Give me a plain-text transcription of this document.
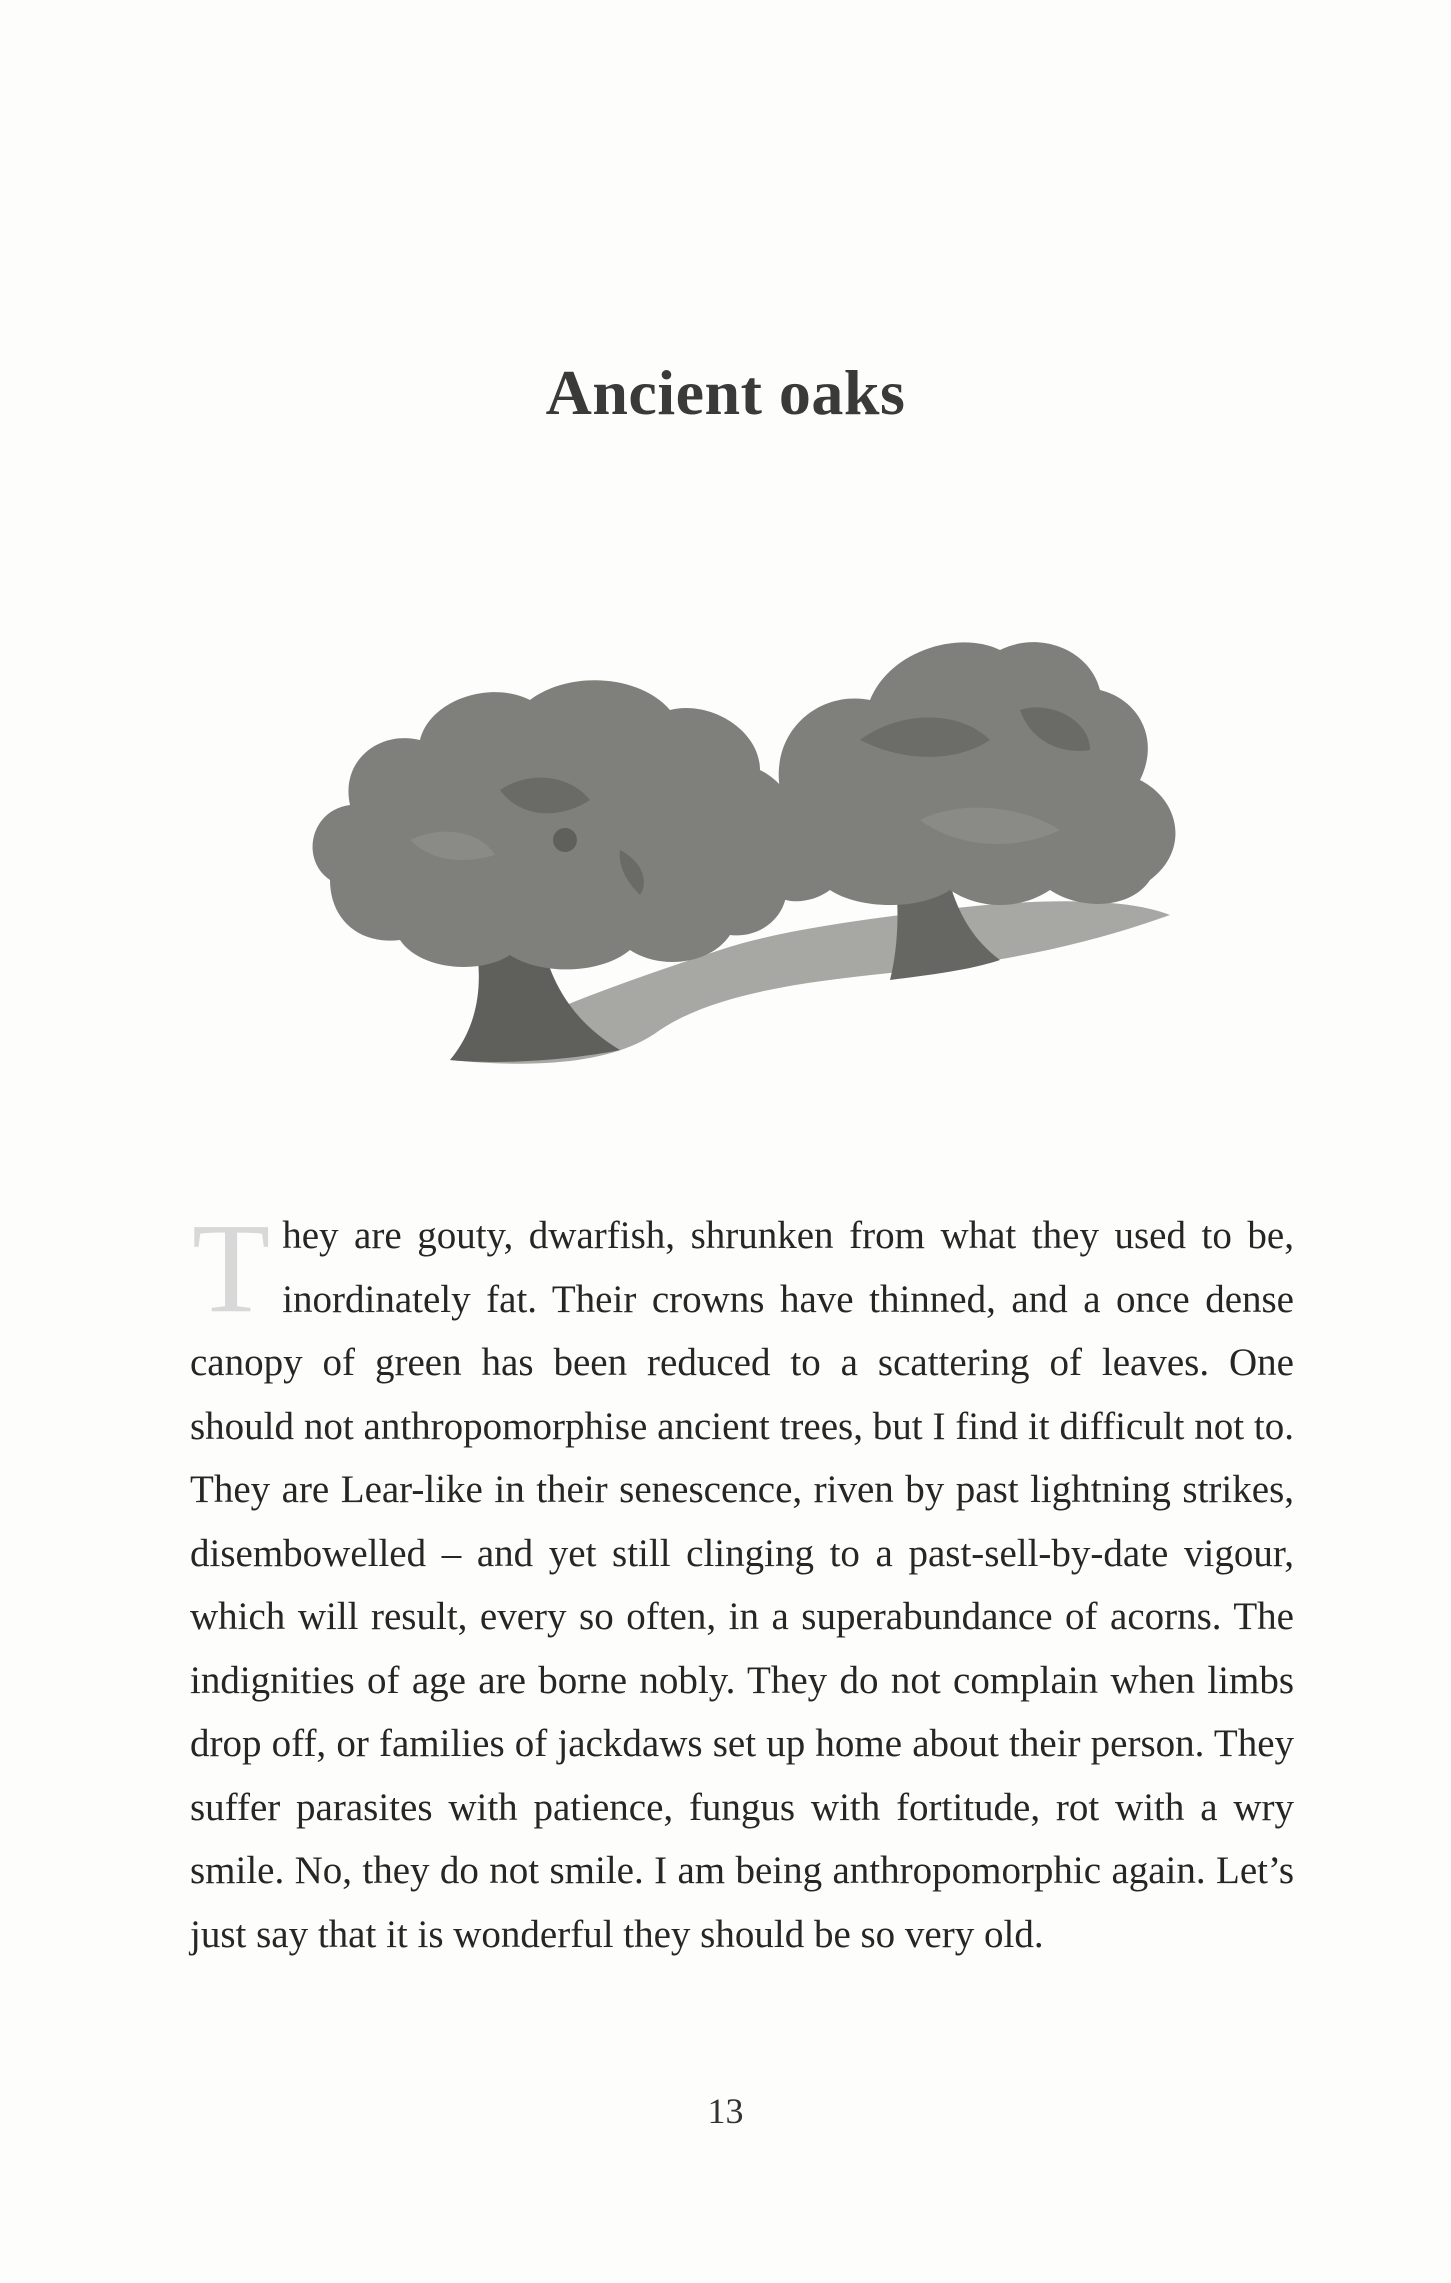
Ancient oaks

They are gouty, dwarfish, shrunken from what they used to be, inordinately fat. Their crowns have thinned, and a once dense canopy of green has been reduced to a scattering of leaves. One should not anthropomorphise ancient trees, but I find it difficult not to. They are Lear-like in their senescence, riven by past lightning strikes, disembowelled – and yet still clinging to a past-sell-by-date vigour, which will result, every so often, in a superabundance of acorns. The indignities of age are borne nobly. They do not complain when limbs drop off, or families of jackdaws set up home about their person. They suffer parasites with patience, fungus with fortitude, rot with a wry smile. No, they do not smile. I am being anthropomorphic again. Let’s just say that it is wonderful they should be so very old.

13
